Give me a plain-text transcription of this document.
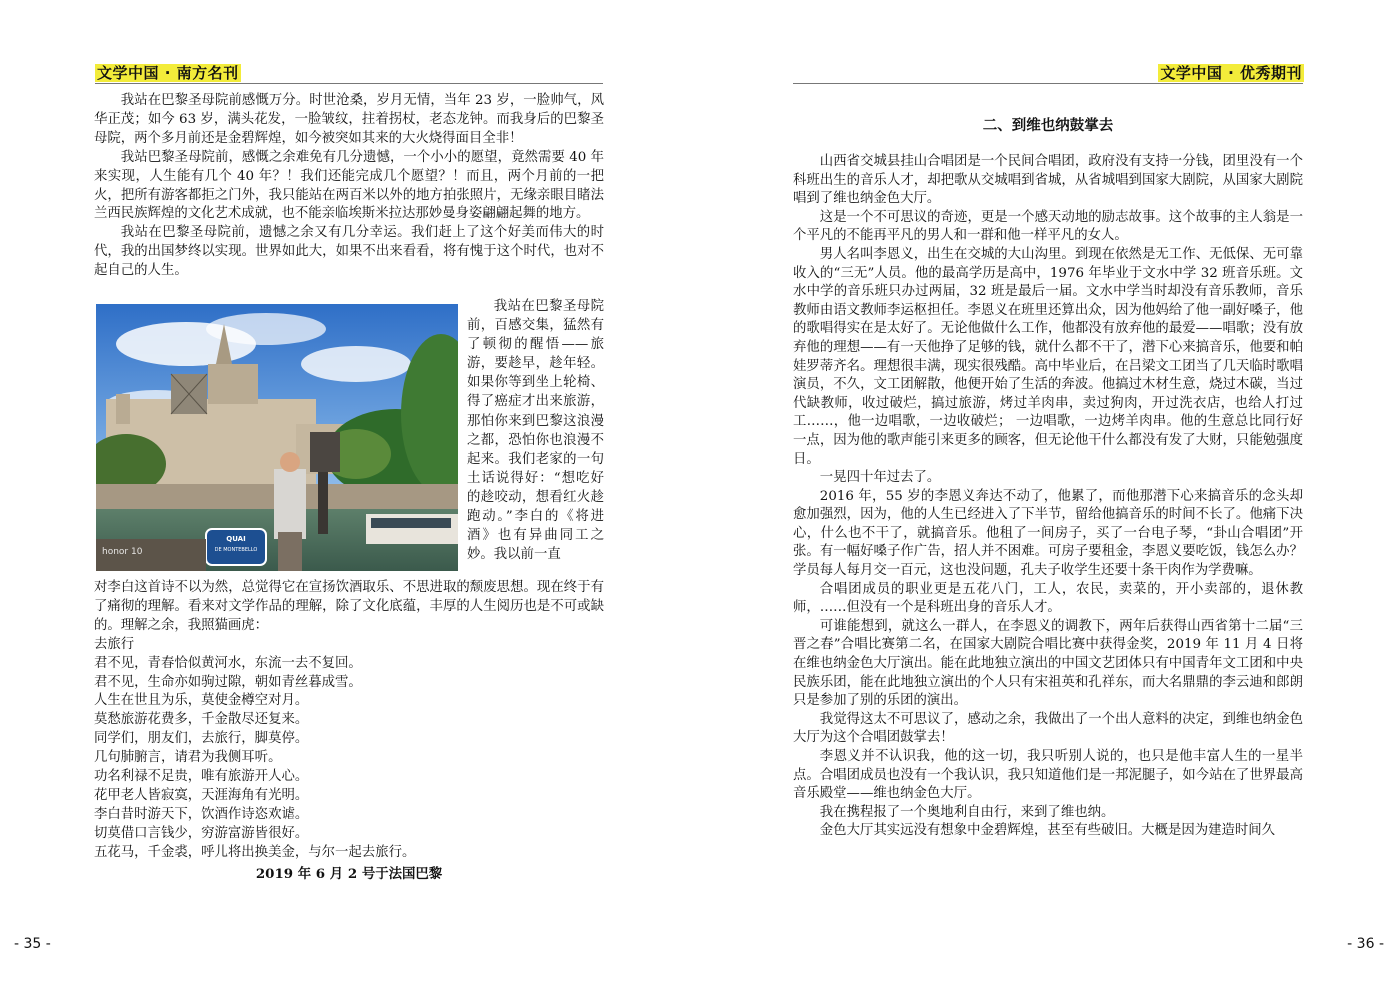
文学中国 · 南方名刊

我站在巴黎圣母院前感慨万分。时世沧桑，岁月无情，当年 23 岁，一脸帅气，风华正茂；如今 63 岁，满头花发，一脸皱纹，拄着拐杖，老态龙钟。而我身后的巴黎圣母院，两个多月前还是金碧辉煌，如今被突如其来的大火烧得面目全非！

我站巴黎圣母院前，感慨之余难免有几分遗憾，一个小小的愿望，竟然需要 40 年来实现，人生能有几个 40 年？！我们还能完成几个愿望？！而且，两个月前的一把火，把所有游客都拒之门外，我只能站在两百米以外的地方拍张照片，无缘亲眼目睹法兰西民族辉煌的文化艺术成就，也不能亲临埃斯米拉达那妙曼身姿翩翩起舞的地方。

我站在巴黎圣母院前，遗憾之余又有几分幸运。我们赶上了这个好美而伟大的时代，我的出国梦终以实现。世界如此大，如果不出来看看，将有愧于这个时代，也对不起自己的人生。

honor 10
QUAI
DE MONTEBELLO

我站在巴黎圣母院前，百感交集，猛然有了顿彻的醒悟——旅游，要趁早，趁年轻。如果你等到坐上轮椅、得了癌症才出来旅游，那怕你来到巴黎这浪漫之都，恐怕你也浪漫不起来。我们老家的一句土话说得好：“想吃好的趁咬动，想看红火趁跑动。”李白的《将进酒》也有异曲同工之妙。我以前一直

对李白这首诗不以为然，总觉得它在宣扬饮酒取乐、不思进取的颓废思想。现在终于有了痛彻的理解。看来对文学作品的理解，除了文化底蕴，丰厚的人生阅历也是不可或缺的。理解之余，我照猫画虎：

去旅行
君不见，青春恰似黄河水，东流一去不复回。
君不见，生命亦如驹过隙，朝如青丝暮成雪。
人生在世且为乐，莫使金樽空对月。
莫愁旅游花费多，千金散尽还复来。
同学们，朋友们，去旅行，脚莫停。
几句肺腑言，请君为我侧耳听。
功名利禄不足贵，唯有旅游开人心。
花甲老人皆寂寞，天涯海角有光明。
李白昔时游天下，饮酒作诗恣欢谑。
切莫借口言钱少，穷游富游皆很好。
五花马，千金裘，呼儿将出换美金，与尔一起去旅行。
2019 年 6 月 2 号于法国巴黎
- 35 -
文学中国 · 优秀期刊
二、到维也纳鼓掌去

山西省交城县挂山合唱团是一个民间合唱团，政府没有支持一分钱，团里没有一个科班出生的音乐人才，却把歌从交城唱到省城，从省城唱到国家大剧院，从国家大剧院唱到了维也纳金色大厅。

这是一个不可思议的奇迹，更是一个感天动地的励志故事。这个故事的主人翁是一个平凡的不能再平凡的男人和一群和他一样平凡的女人。

男人名叫李恩义，出生在交城的大山沟里。到现在依然是无工作、无低保、无可靠收入的“三无”人员。他的最高学历是高中，1976 年毕业于文水中学 32 班音乐班。文水中学的音乐班只办过两届，32 班是最后一届。文水中学当时却没有音乐教师，音乐教师由语文教师李运枢担任。李恩义在班里还算出众，因为他妈给了他一副好嗓子，他的歌唱得实在是太好了。无论他做什么工作，他都没有放弃他的最爱——唱歌；没有放弃他的理想——有一天他挣了足够的钱，就什么都不干了，潜下心来搞音乐，他要和帕娃罗蒂齐名。理想很丰满，现实很残酷。高中毕业后，在吕梁文工团当了几天临时歌唱演员，不久，文工团解散，他便开始了生活的奔波。他搞过木材生意，烧过木碳，当过代缺教师，收过破烂，搞过旅游，烤过羊肉串，卖过狗肉，开过洗衣店，也给人打过工……，他一边唱歌，一边收破烂； 一边唱歌，一边烤羊肉串。他的生意总比同行好一点，因为他的歌声能引来更多的顾客，但无论他干什么都没有发了大财，只能勉强度日。

一晃四十年过去了。

2016 年，55 岁的李恩义奔达不动了，他累了，而他那潜下心来搞音乐的念头却愈加强烈，因为，他的人生已经进入了下半节，留给他搞音乐的时间不长了。他痛下决心，什么也不干了，就搞音乐。他租了一间房子，买了一台电子琴，“卦山合唱团”开张。有一幅好嗓子作广告，招人并不困难。可房子要租金，李恩义要吃饭，钱怎么办？学员每人每月交一百元，这也没问题，孔夫子收学生还要十条干肉作为学费嘛。

合唱团成员的职业更是五花八门，工人，农民，卖菜的，开小卖部的，退休教师，……但没有一个是科班出身的音乐人才。

可谁能想到，就这么一群人，在李恩义的调教下，两年后获得山西省第十二届“三晋之春”合唱比赛第二名，在国家大剧院合唱比赛中获得金奖，2019 年 11 月 4 日将在维也纳金色大厅演出。能在此地独立演出的中国文艺团体只有中国青年文工团和中央民族乐团，能在此地独立演出的个人只有宋祖英和孔祥东，而大名鼎鼎的李云迪和郎朗只是参加了别的乐团的演出。

我觉得这太不可思议了，感动之余，我做出了一个出人意料的决定，到维也纳金色大厅为这个合唱团鼓掌去！

李恩义并不认识我，他的这一切，我只听别人说的，也只是他丰富人生的一星半点。合唱团成员也没有一个我认识，我只知道他们是一邦泥腿子，如今站在了世界最高音乐殿堂——维也纳金色大厅。

我在携程报了一个奥地利自由行，来到了维也纳。

金色大厅其实远没有想象中金碧辉煌，甚至有些破旧。大概是因为建造时间久

- 36 -
